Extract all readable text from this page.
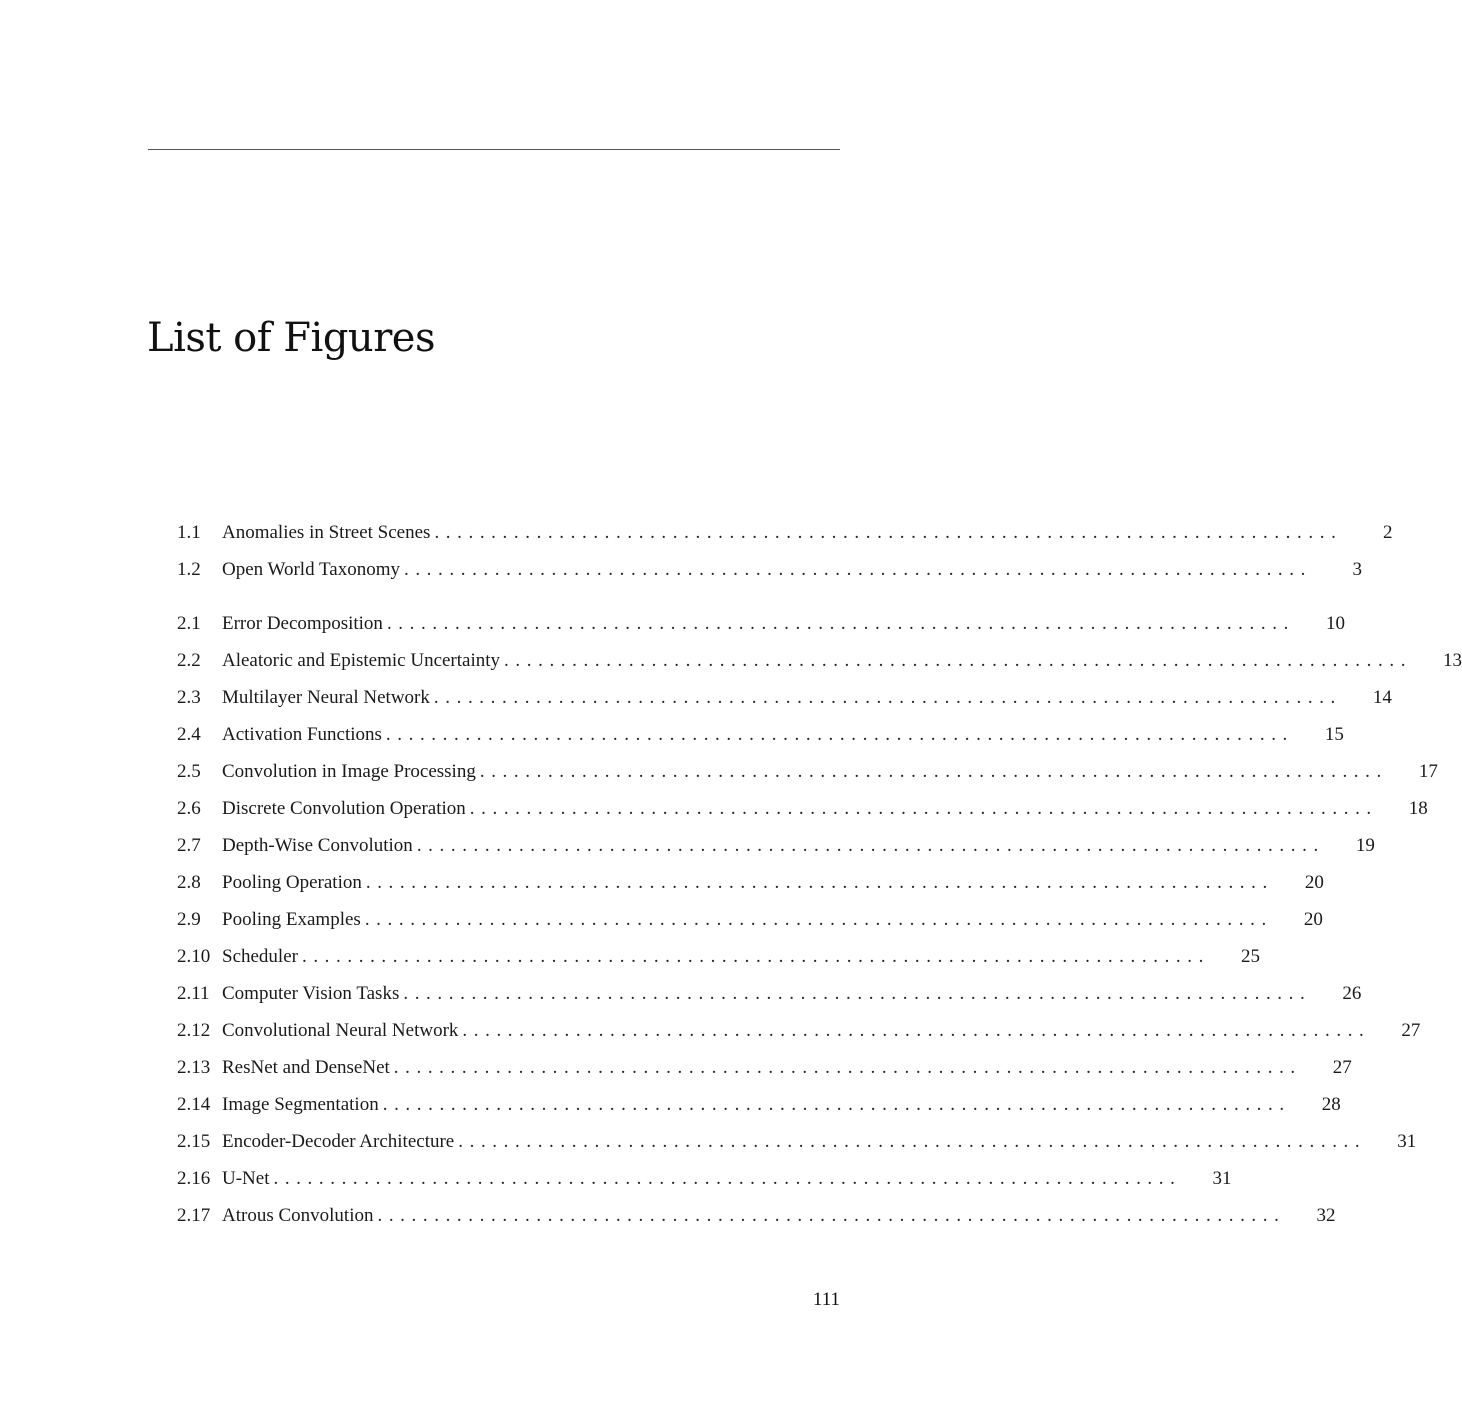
List of Figures
1.1	Anomalies in Street Scenes ................................................................................	2
1.2	Open World Taxonomy ................................................................................	3
2.1	Error Decomposition ................................................................................	10
2.2	Aleatoric and Epistemic Uncertainty ................................................................................	13
2.3	Multilayer Neural Network ................................................................................	14
2.4	Activation Functions ................................................................................	15
2.5	Convolution in Image Processing ................................................................................	17
2.6	Discrete Convolution Operation ................................................................................	18
2.7	Depth-Wise Convolution ................................................................................	19
2.8	Pooling Operation ................................................................................	20
2.9	Pooling Examples ................................................................................	20
2.10 Scheduler ................................................................................	25
2.11 Computer Vision Tasks ................................................................................	26
2.12 Convolutional Neural Network ................................................................................	27
2.13 ResNet and DenseNet ................................................................................	27
2.14 Image Segmentation ................................................................................	28
2.15 Encoder-Decoder Architecture ................................................................................	31
2.16 U-Net ................................................................................	31
2.17 Atrous Convolution ................................................................................	32
111
